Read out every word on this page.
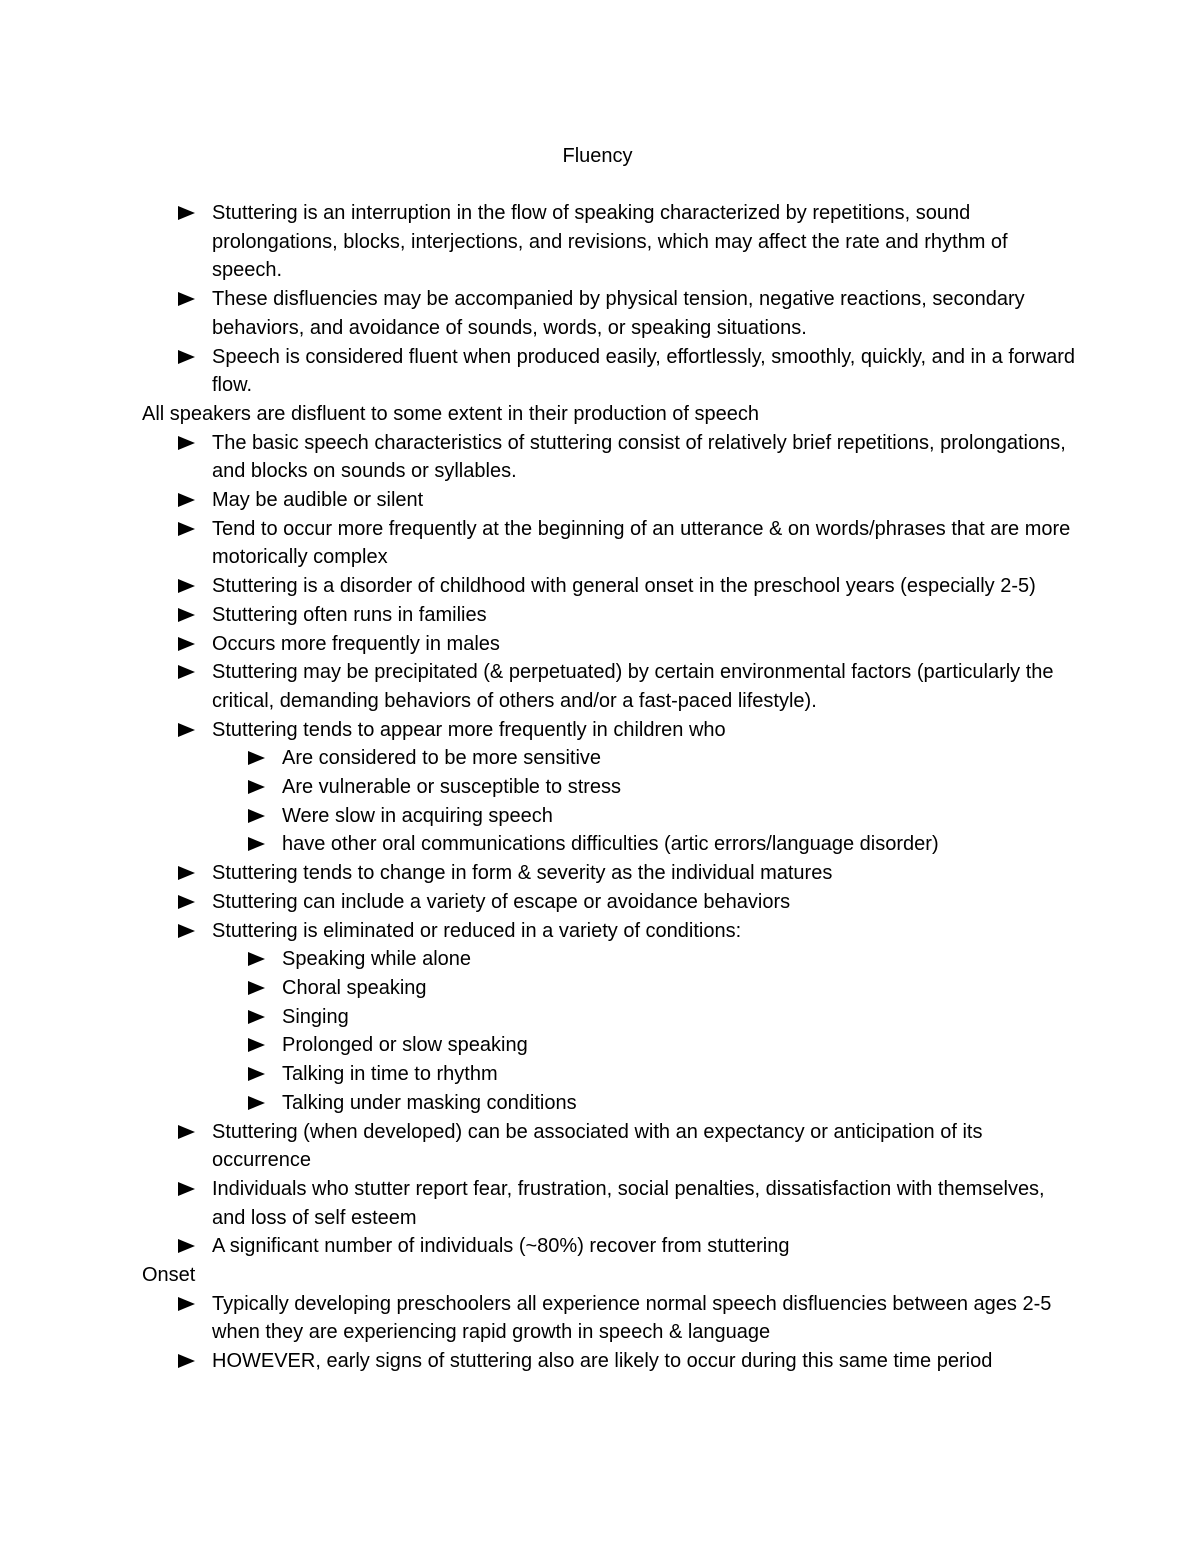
Fluency
Stuttering is an interruption in the flow of speaking characterized by repetitions, sound prolongations, blocks, interjections, and revisions, which may affect the rate and rhythm of speech.
These disfluencies may be accompanied by physical tension, negative reactions, secondary behaviors, and avoidance of sounds, words, or speaking situations.
Speech is considered fluent when produced easily, effortlessly, smoothly, quickly, and in a forward flow.
All speakers are disfluent to some extent in their production of speech
The basic speech characteristics of stuttering consist of relatively brief repetitions, prolongations, and blocks on sounds or syllables.
May be audible or silent
Tend to occur more frequently at the beginning of an utterance & on words/phrases that are more motorically complex
Stuttering is a disorder of childhood with general onset in the preschool years (especially 2-5)
Stuttering often runs in families
Occurs more frequently in males
Stuttering may be precipitated (& perpetuated) by certain environmental factors (particularly the critical, demanding behaviors of others and/or a fast-paced lifestyle).
Stuttering tends to appear more frequently in children who
Are considered to be more sensitive
Are vulnerable or susceptible to stress
Were slow in acquiring speech
have other oral communications difficulties (artic errors/language disorder)
Stuttering tends to change in form & severity as the individual matures
Stuttering can include a variety of escape or avoidance behaviors
Stuttering is eliminated or reduced in a variety of conditions:
Speaking while alone
Choral speaking
Singing
Prolonged or slow speaking
Talking in time to rhythm
Talking under masking conditions
Stuttering (when developed) can be associated with an expectancy or anticipation of its occurrence
Individuals who stutter report fear, frustration, social penalties, dissatisfaction with themselves, and loss of self esteem
A significant number of individuals (~80%) recover from stuttering
Onset
Typically developing preschoolers all experience normal speech disfluencies between ages 2-5 when they are experiencing rapid growth in speech & language
HOWEVER, early signs of stuttering also are likely to occur during this same time period
